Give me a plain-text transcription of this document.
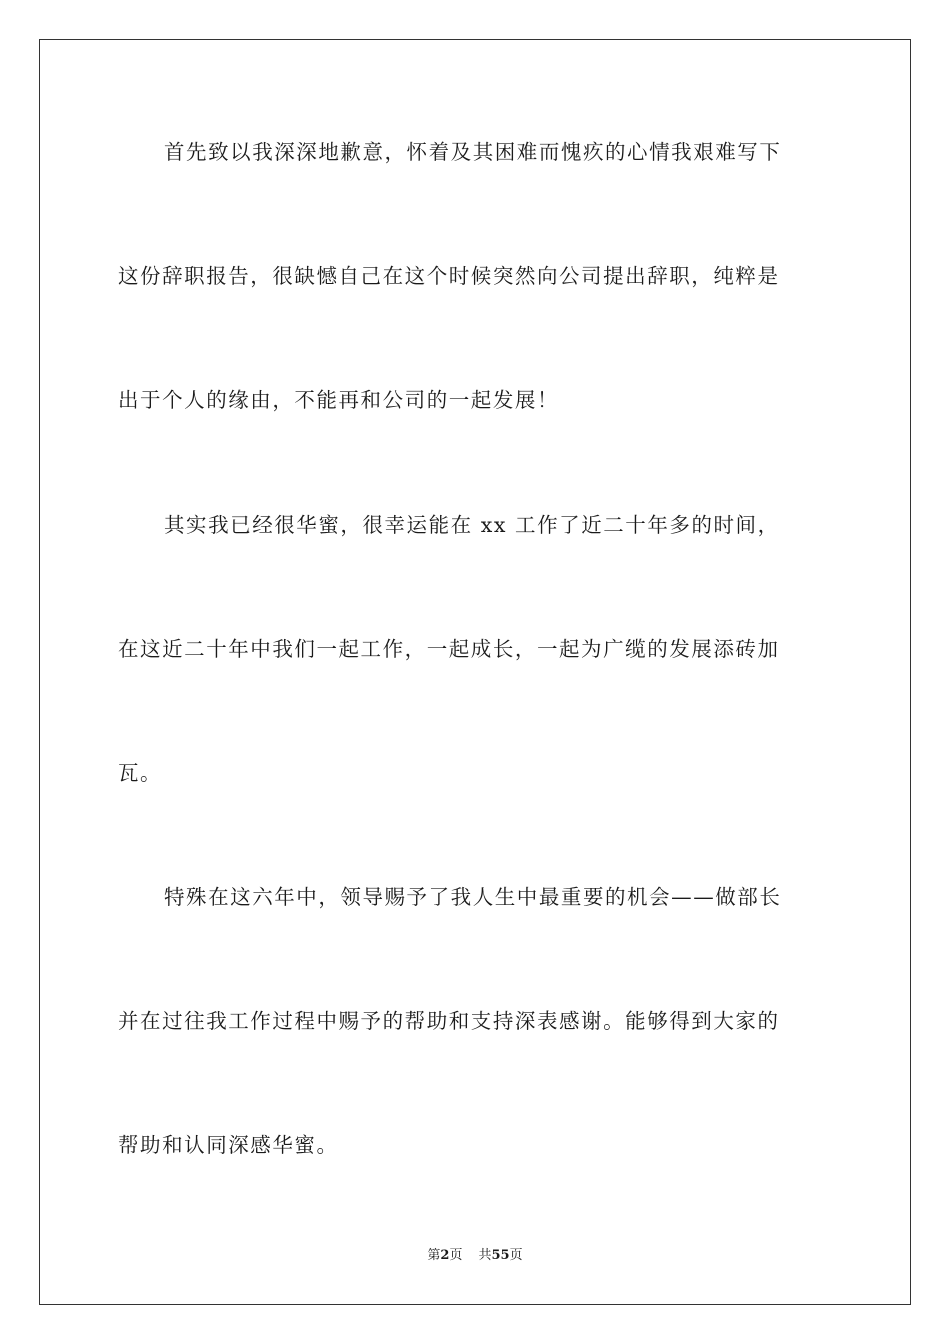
首先致以我深深地歉意，怀着及其困难而愧疚的心情我艰难写下
这份辞职报告，很缺憾自己在这个时候突然向公司提出辞职，纯粹是
出于个人的缘由，不能再和公司的一起发展！
其实我已经很华蜜，很幸运能在 xx 工作了近二十年多的时间，
在这近二十年中我们一起工作，一起成长，一起为广缆的发展添砖加
瓦。
特殊在这六年中，领导赐予了我人生中最重要的机会——做部长
并在过往我工作过程中赐予的帮助和支持深表感谢。能够得到大家的
帮助和认同深感华蜜。
第2页 共55页
